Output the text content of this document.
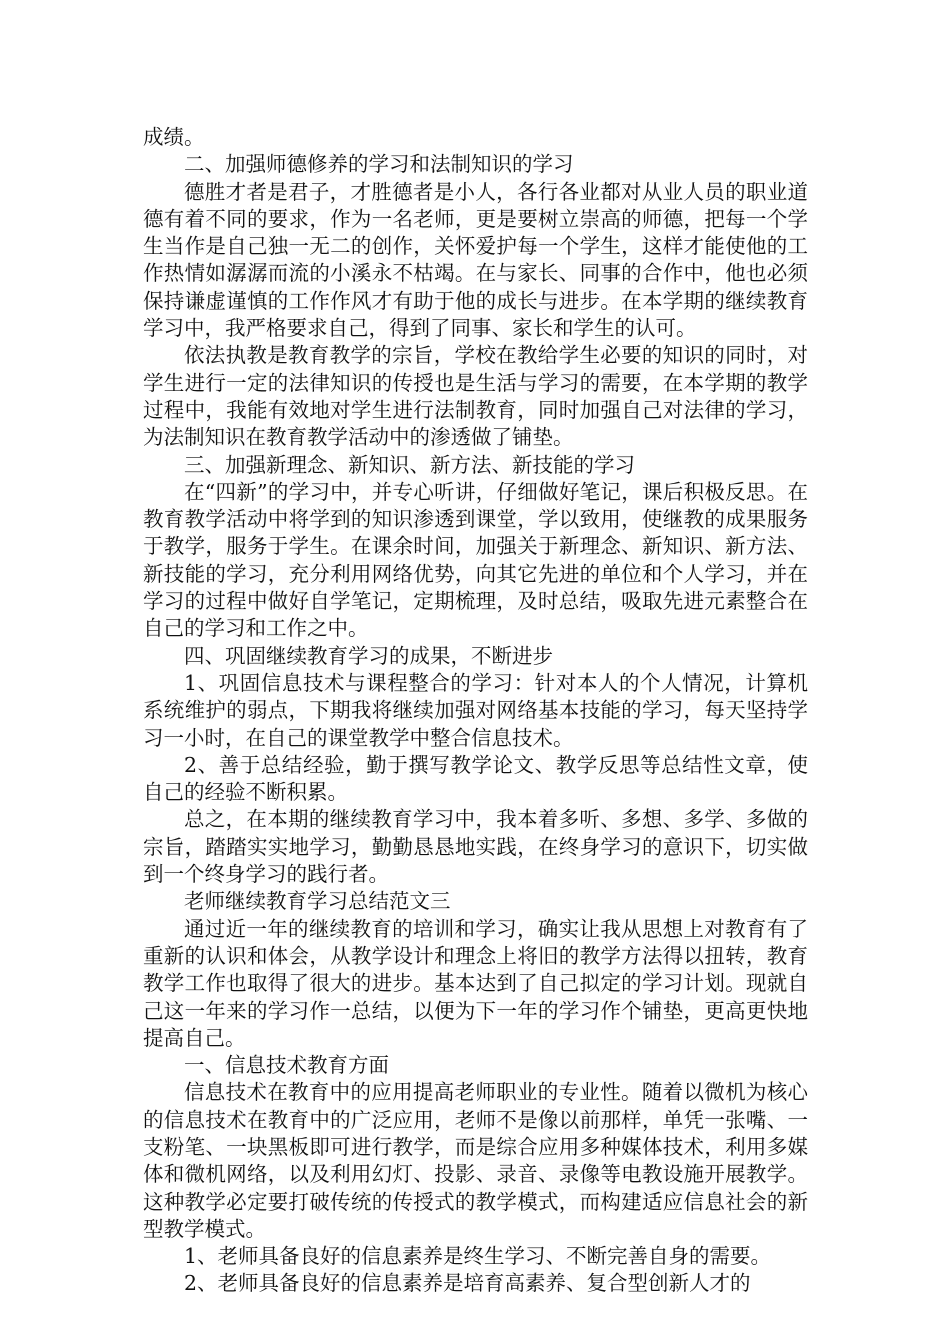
成绩。

二、加强师德修养的学习和法制知识的学习

德胜才者是君子，才胜德者是小人，各行各业都对从业人员的职业道德有着不同的要求，作为一名老师，更是要树立崇高的师德，把每一个学生当作是自己独一无二的创作，关怀爱护每一个学生，这样才能使他的工作热情如潺潺而流的小溪永不枯竭。在与家长、同事的合作中，他也必须保持谦虚谨慎的工作作风才有助于他的成长与进步。在本学期的继续教育学习中，我严格要求自己，得到了同事、家长和学生的认可。

依法执教是教育教学的宗旨，学校在教给学生必要的知识的同时，对学生进行一定的法律知识的传授也是生活与学习的需要，在本学期的教学过程中，我能有效地对学生进行法制教育，同时加强自己对法律的学习，为法制知识在教育教学活动中的渗透做了铺垫。

三、加强新理念、新知识、新方法、新技能的学习

在“四新”的学习中，并专心听讲，仔细做好笔记，课后积极反思。在教育教学活动中将学到的知识渗透到课堂，学以致用，使继教的成果服务于教学，服务于学生。在课余时间，加强关于新理念、新知识、新方法、新技能的学习，充分利用网络优势，向其它先进的单位和个人学习，并在学习的过程中做好自学笔记，定期梳理，及时总结，吸取先进元素整合在自己的学习和工作之中。

四、巩固继续教育学习的成果，不断进步

1、巩固信息技术与课程整合的学习：针对本人的个人情况，计算机系统维护的弱点，下期我将继续加强对网络基本技能的学习，每天坚持学习一小时，在自己的课堂教学中整合信息技术。

2、善于总结经验，勤于撰写教学论文、教学反思等总结性文章，使自己的经验不断积累。

总之，在本期的继续教育学习中，我本着多听、多想、多学、多做的宗旨，踏踏实实地学习，勤勤恳恳地实践，在终身学习的意识下，切实做到一个终身学习的践行者。

老师继续教育学习总结范文三

通过近一年的继续教育的培训和学习，确实让我从思想上对教育有了重新的认识和体会，从教学设计和理念上将旧的教学方法得以扭转，教育教学工作也取得了很大的进步。基本达到了自己拟定的学习计划。现就自己这一年来的学习作一总结，以便为下一年的学习作个铺垫，更高更快地提高自己。

一、信息技术教育方面

信息技术在教育中的应用提高老师职业的专业性。随着以微机为核心的信息技术在教育中的广泛应用，老师不是像以前那样，单凭一张嘴、一支粉笔、一块黑板即可进行教学，而是综合应用多种媒体技术，利用多媒体和微机网络，以及利用幻灯、投影、录音、录像等电教设施开展教学。这种教学必定要打破传统的传授式的教学模式，而构建适应信息社会的新型教学模式。

1、老师具备良好的信息素养是终生学习、不断完善自身的需要。

2、老师具备良好的信息素养是培育高素养、复合型创新人才的
